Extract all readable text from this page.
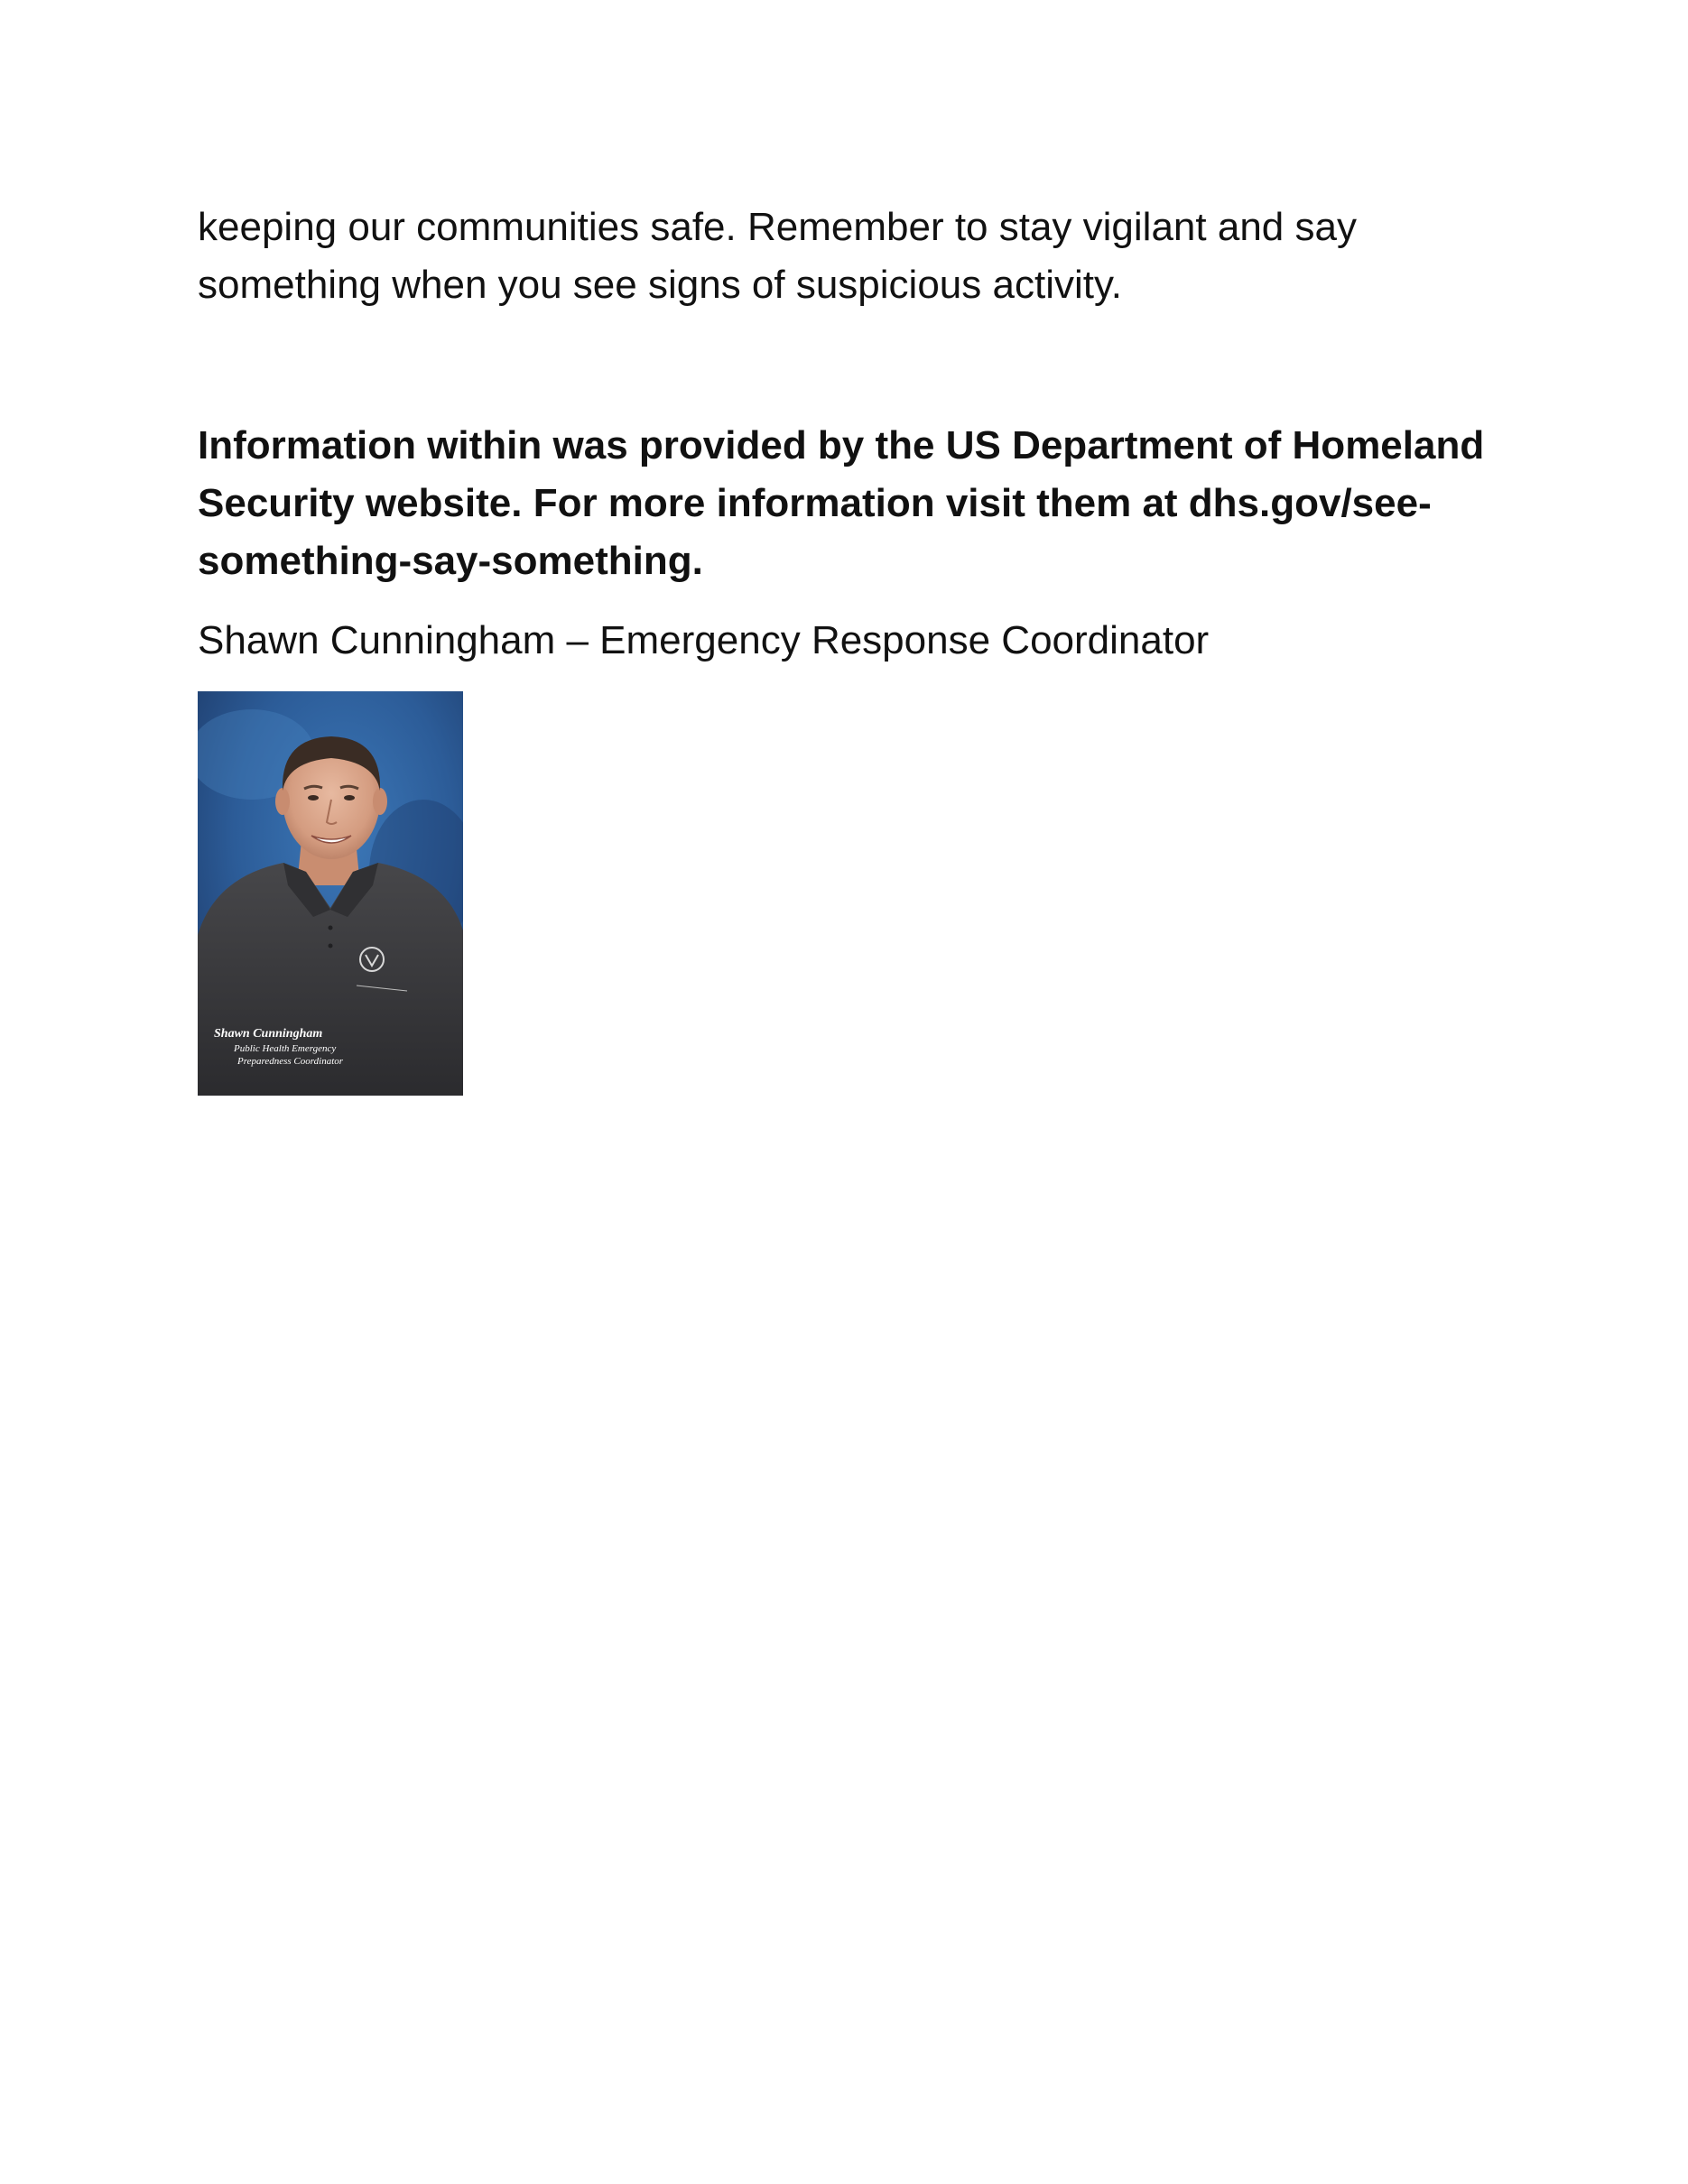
keeping our communities safe. Remember to stay vigilant and say
something when you see signs of suspicious activity.

Information within was provided by the US Department of Homeland
Security website. For more information visit them at dhs.gov/see-
something-say-something.

Shawn Cunningham – Emergency Response Coordinator

Shawn Cunningham
Public Health Emergency
Preparedness Coordinator
